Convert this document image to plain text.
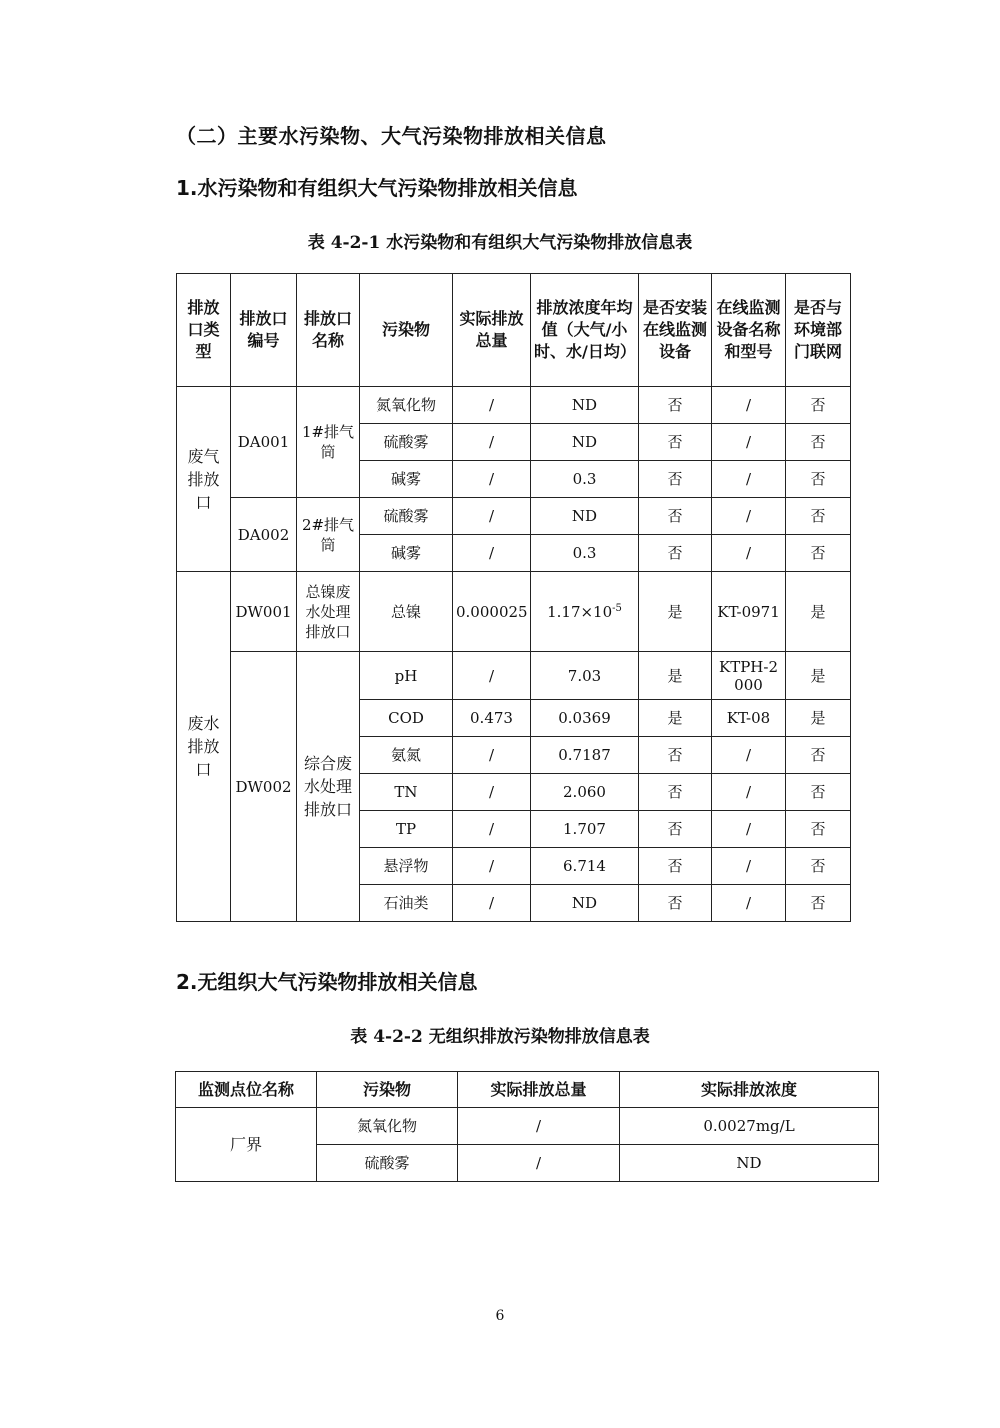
（二）主要水污染物、大气污染物排放相关信息
1.水污染物和有组织大气污染物排放相关信息
表 4-2-1 水污染物和有组织大气污染物排放信息表
排放口类型	排放口编号	排放口名称	污染物	实际排放总量	排放浓度年均值（大气/小时、水/日均）	是否安装在线监测设备	在线监测设备名称和型号	是否与环境部门联网
废气排放口	DA001	1#排气筒	氮氧化物	/	ND	否	/	否
			硫酸雾	/	ND	否	/	否
			碱雾	/	0.3	否	/	否
	DA002	2#排气筒	硫酸雾	/	ND	否	/	否
			碱雾	/	0.3	否	/	否
废水排放口	DW001	总镍废水处理排放口	总镍	0.000025	$1.17\times 10^{-5}$	是	KT-0971	是
	DW002	综合废水处理排放口	pH	/	7.03	是	KTPH-2000	是
			COD	0.473	0.0369	是	KT-08	是
			氨氮	/	0.7187	否	/	否
			TN	/	2.060	否	/	否
			TP	/	1.707	否	/	否
			悬浮物	/	6.714	否	/	否
			石油类	/	ND	否	/	否
2.无组织大气污染物排放相关信息
表 4-2-2 无组织排放污染物排放信息表
监测点位名称	污染物	实际排放总量	实际排放浓度
厂界	氮氧化物	/	0.0027mg/L
	硫酸雾	/	ND
6
